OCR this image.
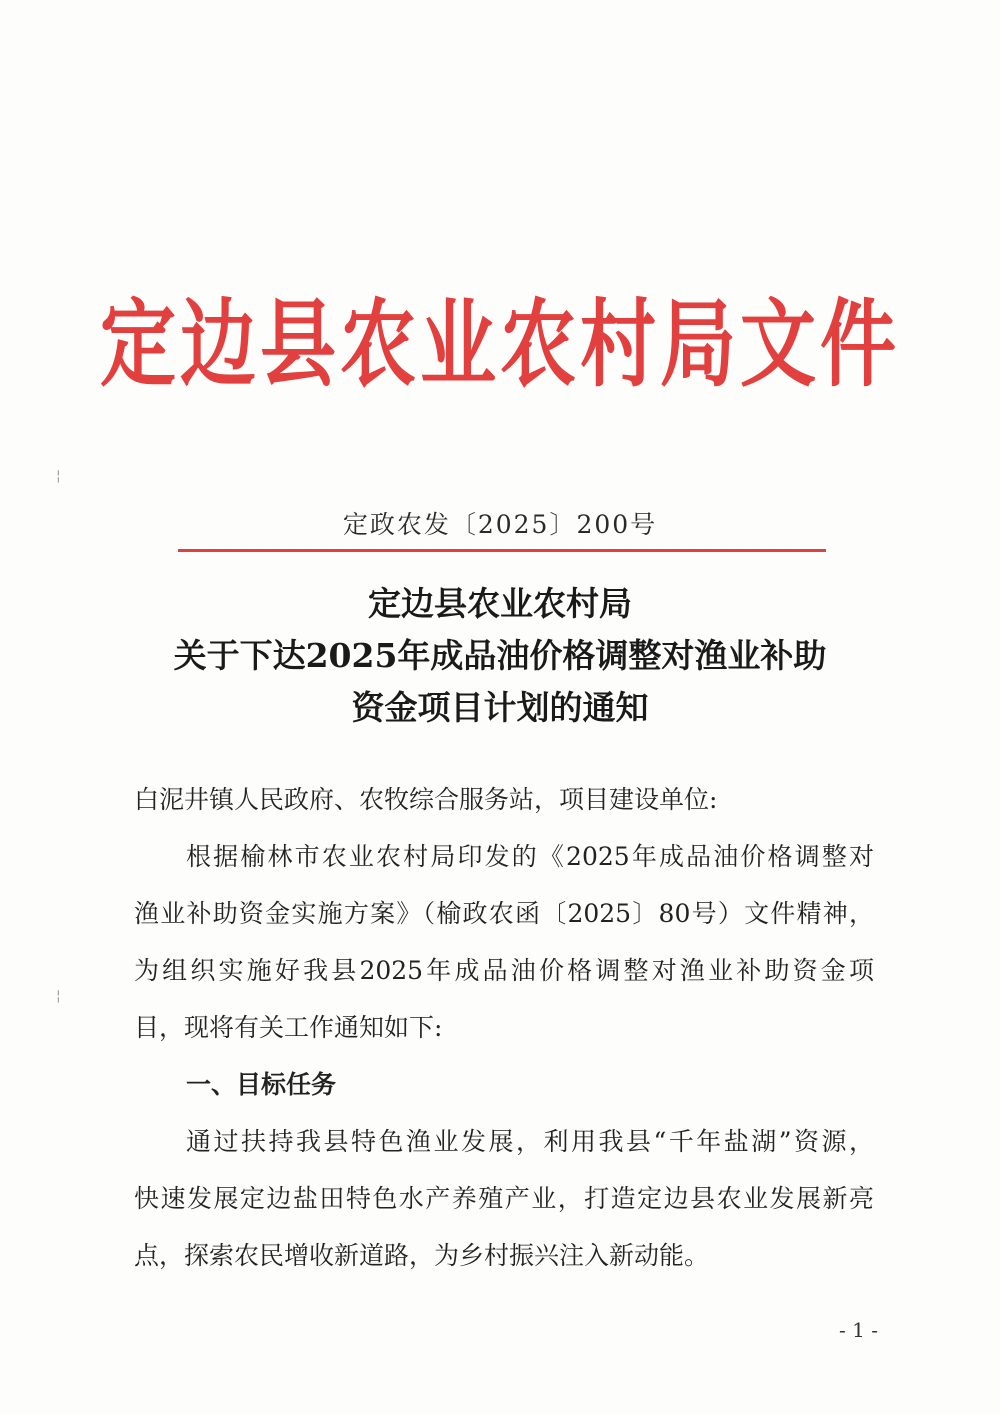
定边县农业农村局文件
定政农发〔2025〕200号
定边县农业农村局
关于下达2025年成品油价格调整对渔业补助
资金项目计划的通知
白泥井镇人民政府、农牧综合服务站，项目建设单位:
根据榆林市农业农村局印发的《2025年成品油价格调整对
渔业补助资金实施方案》（榆政农函〔2025〕80号）文件精神，
为组织实施好我县2025年成品油价格调整对渔业补助资金项
目，现将有关工作通知如下:
一、目标任务
通过扶持我县特色渔业发展，利用我县“千年盐湖”资源，
快速发展定边盐田特色水产养殖产业，打造定边县农业发展新亮
点，探索农民增收新道路，为乡村振兴注入新动能。
- 1 -
¦
¦
